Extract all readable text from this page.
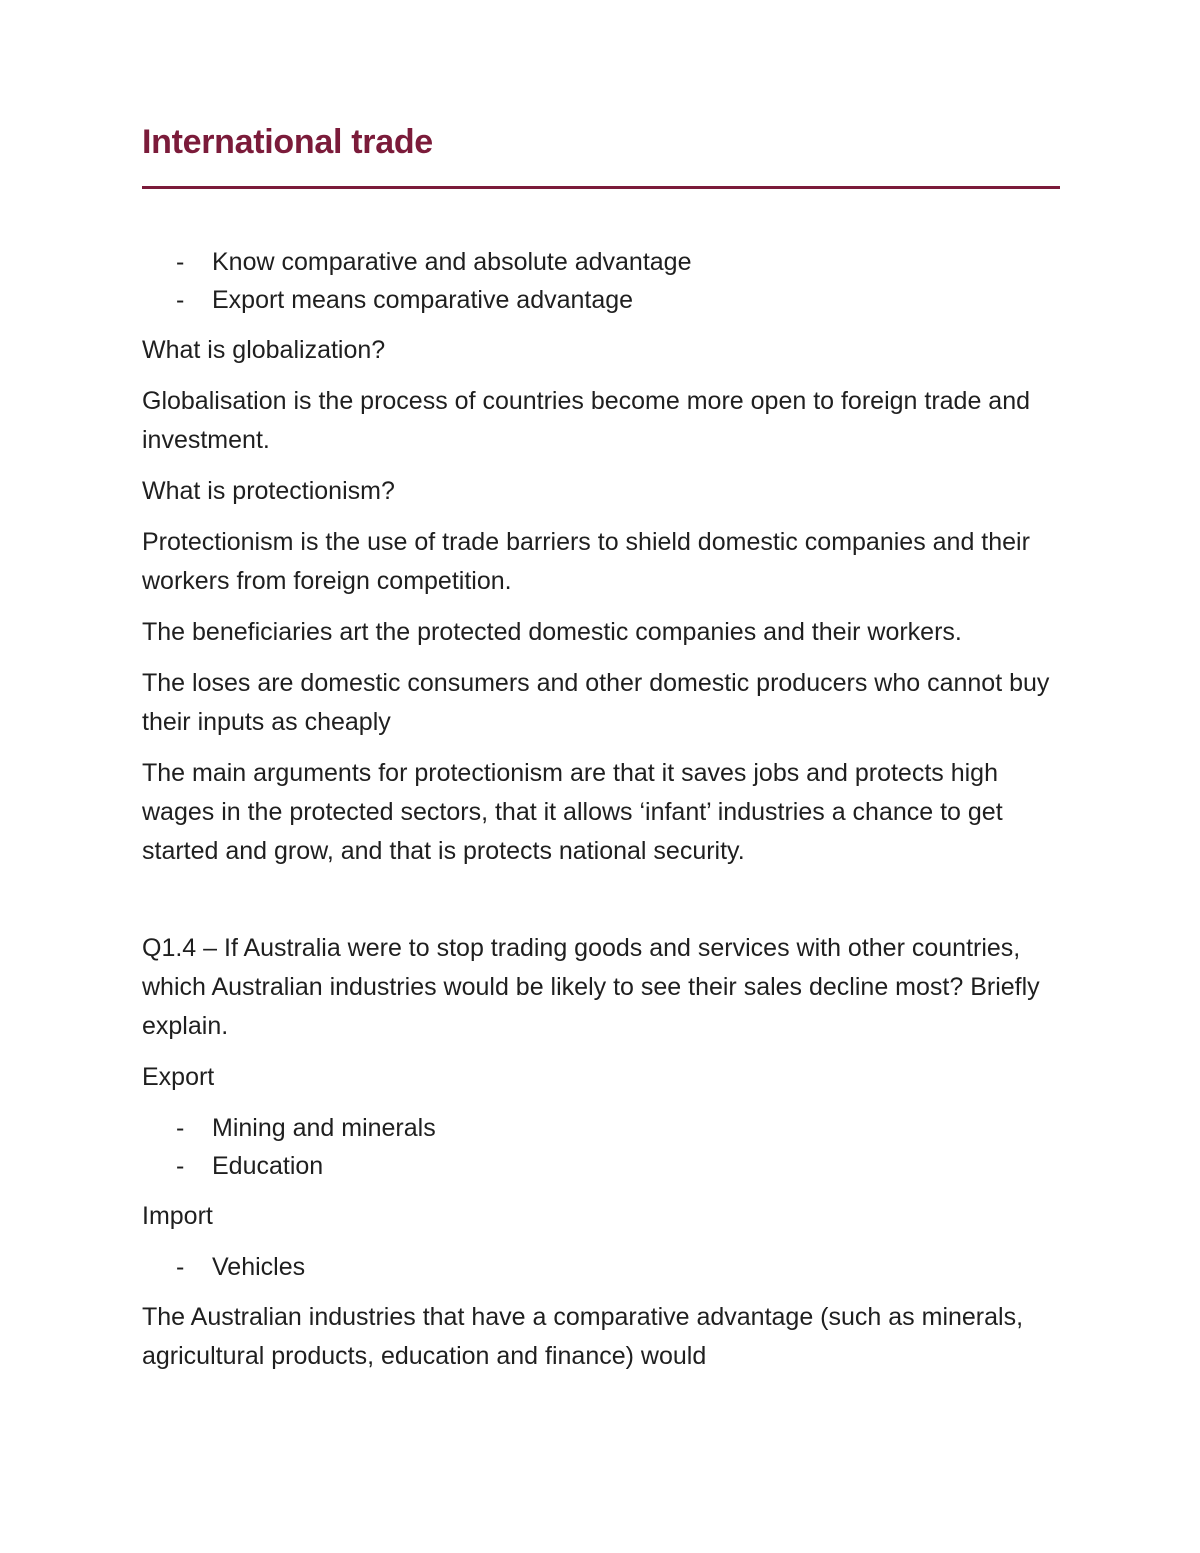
International trade
- Know comparative and absolute advantage
- Export means comparative advantage

What is globalization?

Globalisation is the process of countries become more open to foreign trade and investment.

What is protectionism?

Protectionism is the use of trade barriers to shield domestic companies and their workers from foreign competition.

The beneficiaries art the protected domestic companies and their workers.

The loses are domestic consumers and other domestic producers who cannot buy their inputs as cheaply

The main arguments for protectionism are that it saves jobs and protects high wages in the protected sectors, that it allows ‘infant’ industries a chance to get started and grow, and that is protects national security.

Q1.4 – If Australia were to stop trading goods and services with other countries, which Australian industries would be likely to see their sales decline most? Briefly explain.

Export

- Mining and minerals
- Education

Import

- Vehicles

The Australian industries that have a comparative advantage (such as minerals, agricultural products, education and finance) would
